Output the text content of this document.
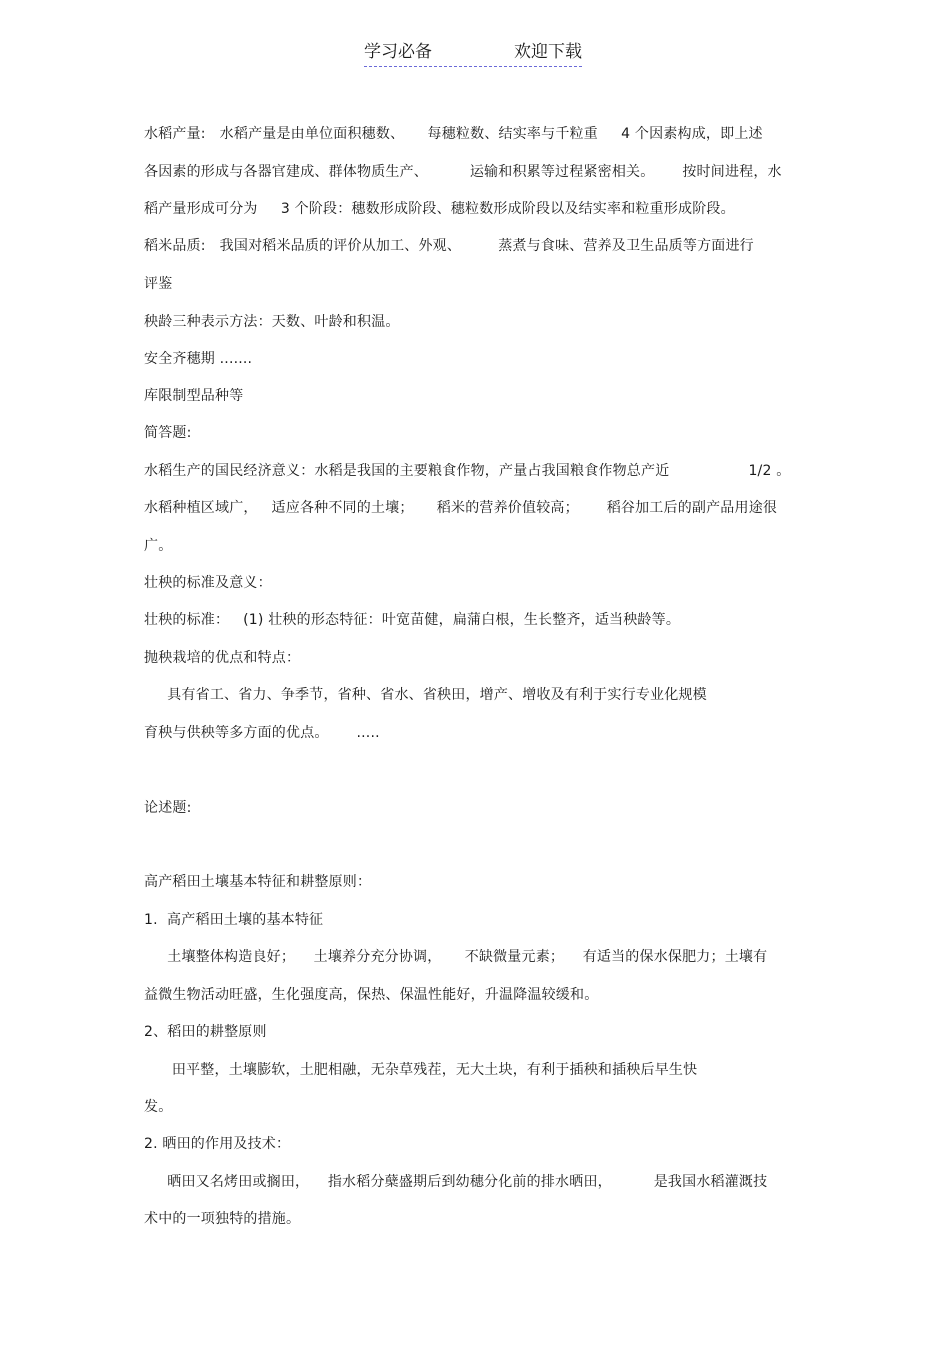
学习必备	欢迎下载
水稻产量:   水稻产量是由单位面积穗数、     每穗粒数、结实率与千粒重     4 个因素构成，即上述
各因素的形成与各器官建成、群体物质生产、         运输和积累等过程紧密相关。      按时间进程，水
稻产量形成可分为     3 个阶段：穗数形成阶段、穗粒数形成阶段以及结实率和粒重形成阶段。
稻米品质:   我国对稻米品质的评价从加工、外观、        蒸煮与食味、营养及卫生品质等方面进行
评鉴
秧龄三种表示方法：天数、叶龄和积温。
安全齐穗期 .......
库限制型品种等
简答题:
水稻生产的国民经济意义：水稻是我国的主要粮食作物，产量占我国粮食作物总产近                 1/2 。
水稻种植区域广，   适应各种不同的土壤；     稻米的营养价值较高；      稻谷加工后的副产品用途很
广。
壮秧的标准及意义：
壮秧的标准：   (1) 壮秧的形态特征：叶宽苗健，扁蒲白根，生长整齐，适当秧龄等。
抛秧栽培的优点和特点：
具有省工、省力、争季节，省种、省水、省秧田，增产、增收及有利于实行专业化规模
育秧与供秧等多方面的优点。      .....
论述题:
高产稻田土壤基本特征和耕整原则：
1.  高产稻田土壤的基本特征
土壤整体构造良好；    土壤养分充分协调，     不缺微量元素；    有适当的保水保肥力；土壤有
益微生物活动旺盛，生化强度高，保热、保温性能好，升温降温较缓和。
2、稻田的耕整原则
田平整，土壤膨软，土肥相融，无杂草残茬，无大土块，有利于插秧和插秧后早生快
发。
2. 晒田的作用及技术：
晒田又名烤田或搁田，    指水稻分蘖盛期后到幼穗分化前的排水晒田，         是我国水稻灌溉技
术中的一项独特的措施。
